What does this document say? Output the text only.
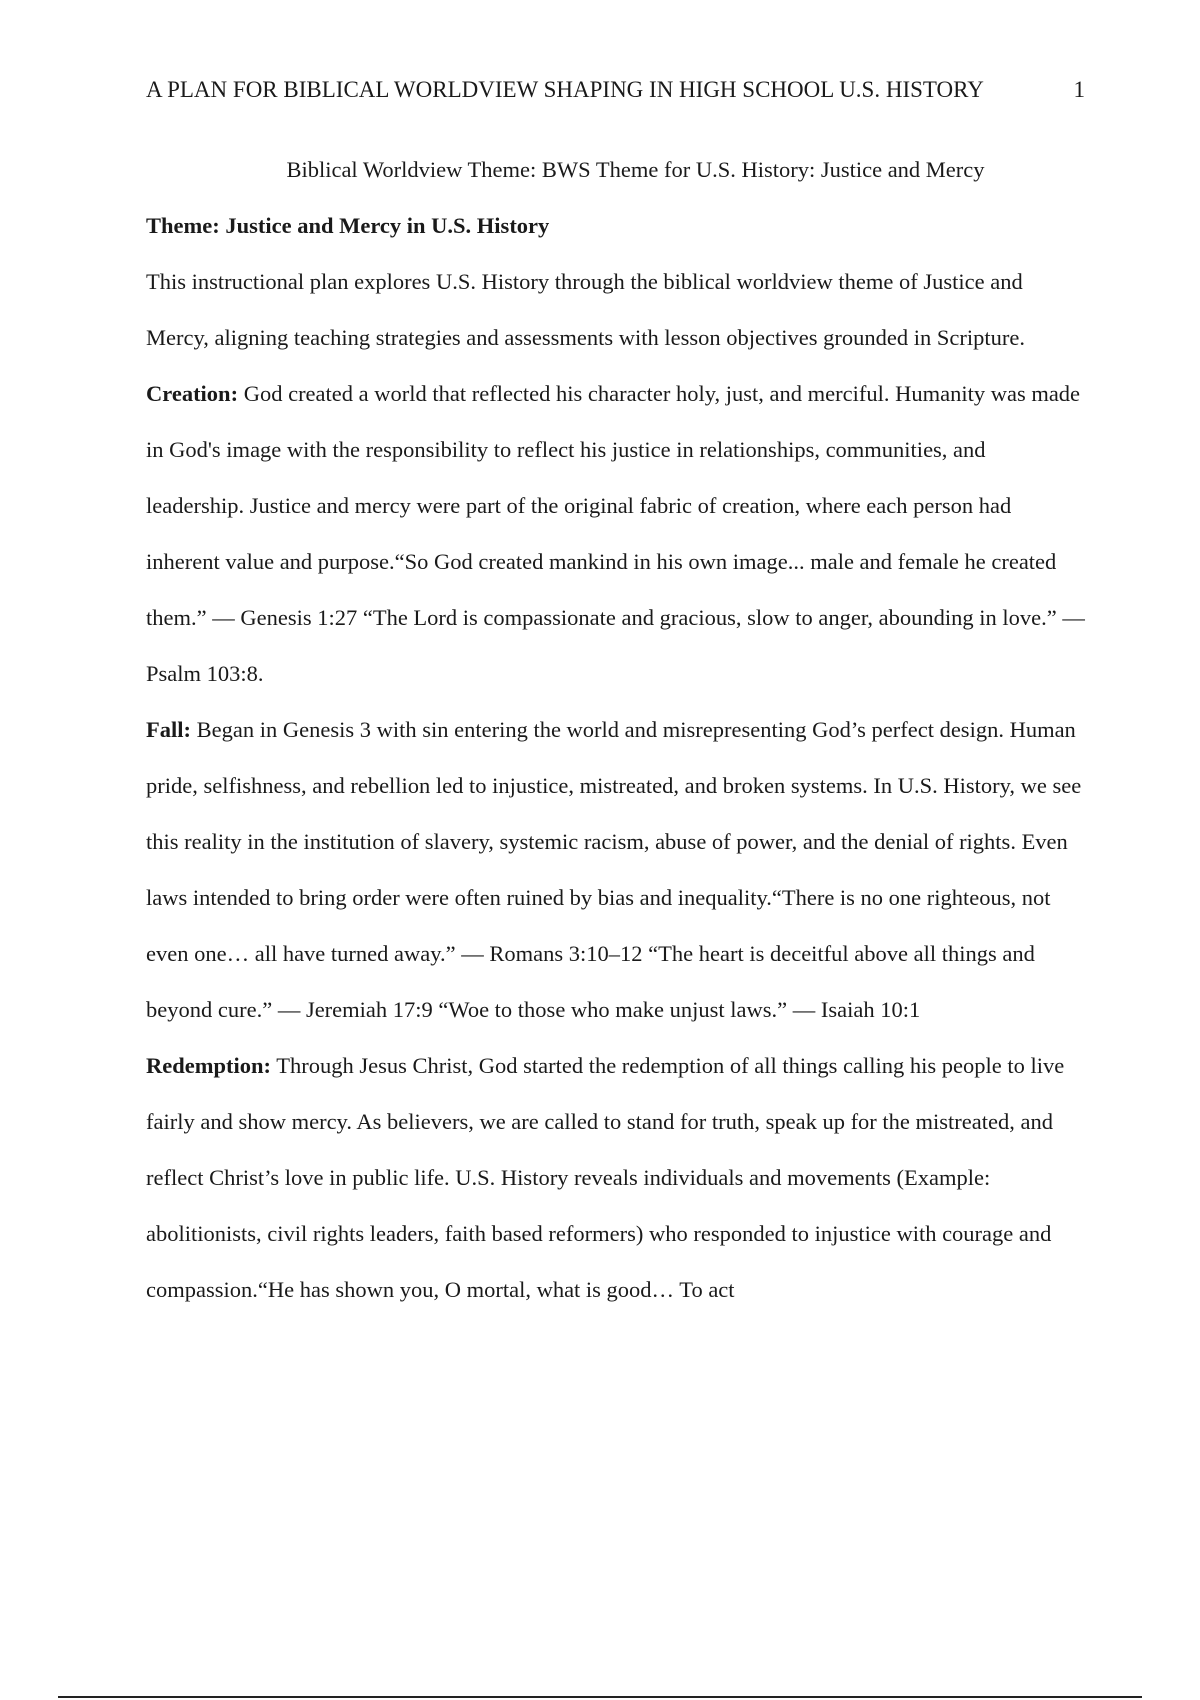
A PLAN FOR BIBLICAL WORLDVIEW SHAPING IN HIGH SCHOOL U.S. HISTORY	1

Biblical Worldview Theme: BWS Theme for U.S. History: Justice and Mercy

Theme: Justice and Mercy in U.S. History

This instructional plan explores U.S. History through the biblical worldview theme of Justice and Mercy, aligning teaching strategies and assessments with lesson objectives grounded in Scripture.

Creation: God created a world that reflected his character holy, just, and merciful. Humanity was made in God's image with the responsibility to reflect his justice in relationships, communities, and leadership. Justice and mercy were part of the original fabric of creation, where each person had inherent value and purpose.“So God created mankind in his own image... male and female he created them.” — Genesis 1:27 “The Lord is compassionate and gracious, slow to anger, abounding in love.” — Psalm 103:8.

Fall: Began in Genesis 3 with sin entering the world and misrepresenting God’s perfect design. Human pride, selfishness, and rebellion led to injustice, mistreated, and broken systems. In U.S. History, we see this reality in the institution of slavery, systemic racism, abuse of power, and the denial of rights. Even laws intended to bring order were often ruined by bias and inequality.“There is no one righteous, not even one… all have turned away.” — Romans 3:10–12 “The heart is deceitful above all things and beyond cure.” — Jeremiah 17:9 “Woe to those who make unjust laws.” — Isaiah 10:1

Redemption: Through Jesus Christ, God started the redemption of all things calling his people to live fairly and show mercy. As believers, we are called to stand for truth, speak up for the mistreated, and reflect Christ’s love in public life. U.S. History reveals individuals and movements (Example: abolitionists, civil rights leaders, faith based reformers) who responded to injustice with courage and compassion.“He has shown you, O mortal, what is good… To act
